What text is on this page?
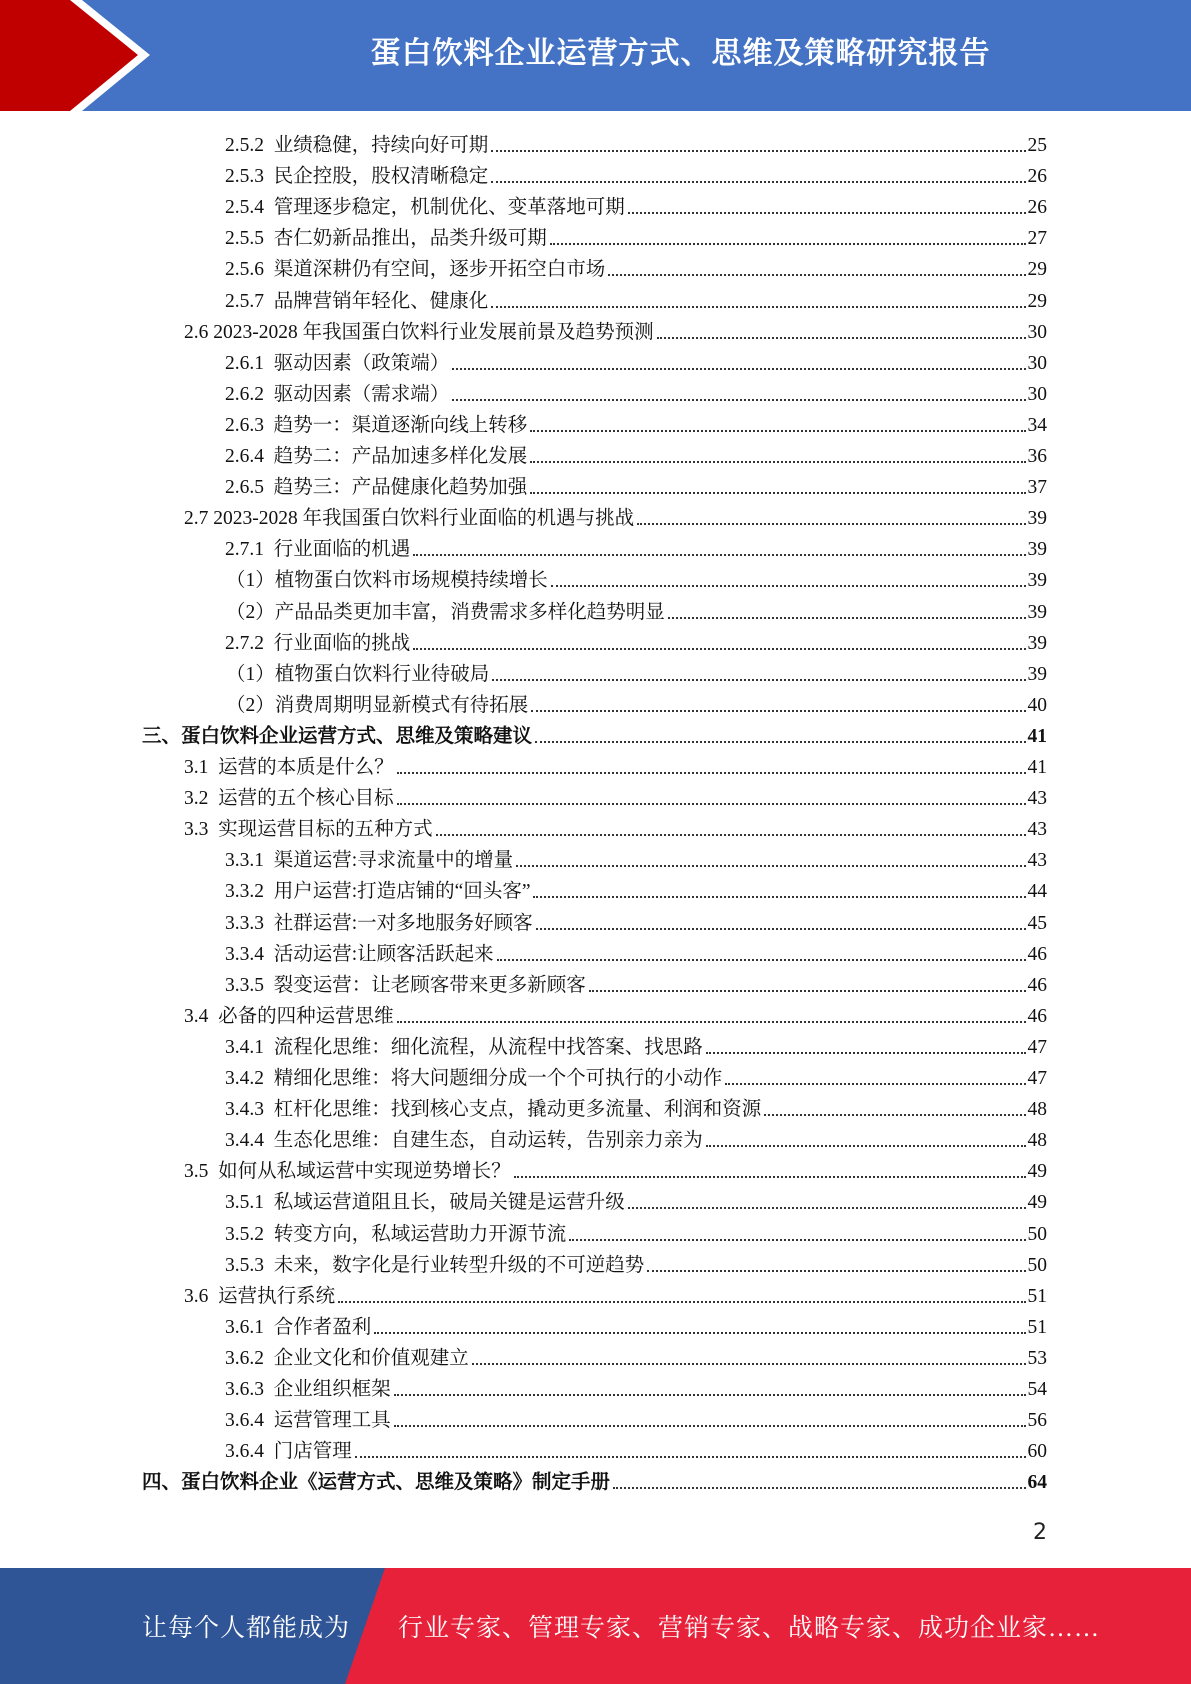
蛋白饮料企业运营方式、思维及策略研究报告
2.5.2  业绩稳健，持续向好可期	25
2.5.3  民企控股，股权清晰稳定	26
2.5.4  管理逐步稳定，机制优化、变革落地可期	26
2.5.5  杏仁奶新品推出，品类升级可期	27
2.5.6  渠道深耕仍有空间，逐步开拓空白市场	29
2.5.7  品牌营销年轻化、健康化	29
2.6 2023-2028 年我国蛋白饮料行业发展前景及趋势预测	30
2.6.1  驱动因素（政策端）	30
2.6.2  驱动因素（需求端）	30
2.6.3  趋势一：渠道逐渐向线上转移	34
2.6.4  趋势二：产品加速多样化发展	36
2.6.5  趋势三：产品健康化趋势加强	37
2.7 2023-2028 年我国蛋白饮料行业面临的机遇与挑战	39
2.7.1  行业面临的机遇	39
（1）植物蛋白饮料市场规模持续增长	39
（2）产品品类更加丰富，消费需求多样化趋势明显	39
2.7.2  行业面临的挑战	39
（1）植物蛋白饮料行业待破局	39
（2）消费周期明显新模式有待拓展	40
三、蛋白饮料企业运营方式、思维及策略建议	41
3.1  运营的本质是什么？	41
3.2  运营的五个核心目标	43
3.3  实现运营目标的五种方式	43
3.3.1  渠道运营:寻求流量中的增量	43
3.3.2  用户运营:打造店铺的“回头客”	44
3.3.3  社群运营:一对多地服务好顾客	45
3.3.4  活动运营:让顾客活跃起来	46
3.3.5  裂变运营：让老顾客带来更多新顾客	46
3.4  必备的四种运营思维	46
3.4.1  流程化思维：细化流程，从流程中找答案、找思路	47
3.4.2  精细化思维：将大问题细分成一个个可执行的小动作	47
3.4.3  杠杆化思维：找到核心支点，撬动更多流量、利润和资源	48
3.4.4  生态化思维：自建生态，自动运转，告别亲力亲为	48
3.5  如何从私域运营中实现逆势增长？	49
3.5.1  私域运营道阻且长，破局关键是运营升级	49
3.5.2  转变方向，私域运营助力开源节流	50
3.5.3  未来，数字化是行业转型升级的不可逆趋势	50
3.6  运营执行系统	51
3.6.1  合作者盈利	51
3.6.2  企业文化和价值观建立	53
3.6.3  企业组织框架	54
3.6.4  运营管理工具	56
3.6.4  门店管理	60
四、蛋白饮料企业《运营方式、思维及策略》制定手册	64
2
让每个人都能成为 行业专家、管理专家、营销专家、战略专家、成功企业家……
